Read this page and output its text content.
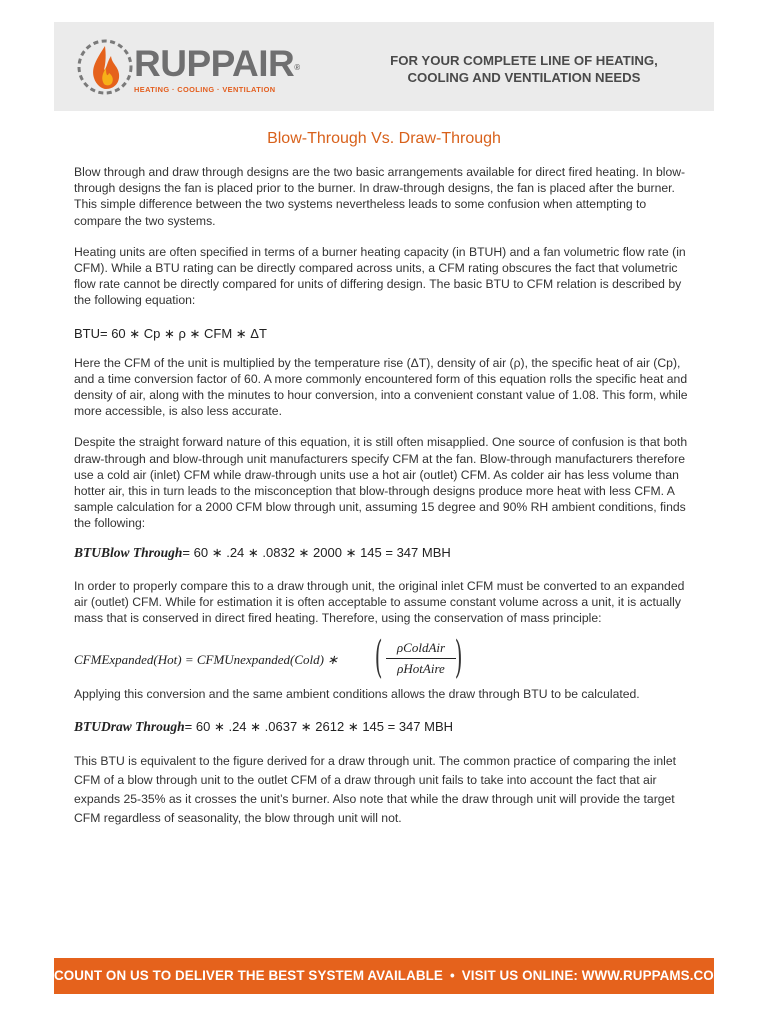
RUPPAIR®
HEATING · COOLING · VENTILATION
FOR YOUR COMPLETE LINE OF HEATING,
COOLING AND VENTILATION NEEDS
Blow-Through Vs. Draw-Through

Blow through and draw through designs are the two basic arrangements available for direct fired heating. In blow-through designs the fan is placed prior to the burner. In draw-through designs, the fan is placed after the burner. This simple difference between the two systems nevertheless leads to some confusion when attempting to compare the two systems.

Heating units are often specified in terms of a burner heating capacity (in BTUH) and a fan volumetric flow rate (in CFM). While a BTU rating can be directly compared across units, a CFM rating obscures the fact that volumetric flow rate cannot be directly compared for units of differing design. The basic BTU to CFM relation is described by the following equation:

BTU= 60 ∗ Cp ∗ ρ ∗ CFM ∗ ΔT

Here the CFM of the unit is multiplied by the temperature rise (ΔT), density of air (ρ), the specific heat of air (Cp), and a time conversion factor of 60. A more commonly encountered form of this equation rolls the specific heat and density of air, along with the minutes to hour conversion, into a convenient constant value of 1.08. This form, while more accessible, is also less accurate.

Despite the straight forward nature of this equation, it is still often misapplied. One source of confusion is that both draw-through and blow-through unit manufacturers specify CFM at the fan. Blow-through manufacturers therefore use a cold air (inlet) CFM while draw-through units use a hot air (outlet) CFM. As colder air has less volume than hotter air, this in turn leads to the misconception that blow-through designs produce more heat with less CFM. A sample calculation for a 2000 CFM blow through unit, assuming 15 degree and 90% RH ambient conditions, finds the following:

BTUBlow Through= 60 ∗ .24 ∗ .0832 ∗ 2000 ∗ 145 = 347 MBH

In order to properly compare this to a draw through unit, the original inlet CFM must be converted to an expanded air (outlet) CFM. While for estimation it is often acceptable to assume constant volume across a unit, it is actually mass that is conserved in direct fired heating. Therefore, using the conservation of mass principle:

CFMExpanded(Hot) = CFMUnexpanded(Cold) ∗ (	ρColdAir
ρHotAire )

Applying this conversion and the same ambient conditions allows the draw through BTU to be calculated.

BTUDraw Through= 60 ∗ .24 ∗ .0637 ∗ 2612 ∗ 145 = 347 MBH

This BTU is equivalent to the figure derived for a draw through unit. The common practice of comparing the inlet CFM of a blow through unit to the outlet CFM of a draw through unit fails to take into account the fact that air expands 25-35% as it crosses the unit’s burner. Also note that while the draw through unit will provide the target CFM regardless of seasonality, the blow through unit will not.

COUNT ON US TO DELIVER THE BEST SYSTEM AVAILABLE • VISIT US ONLINE: WWW.RUPPAMS.COM
